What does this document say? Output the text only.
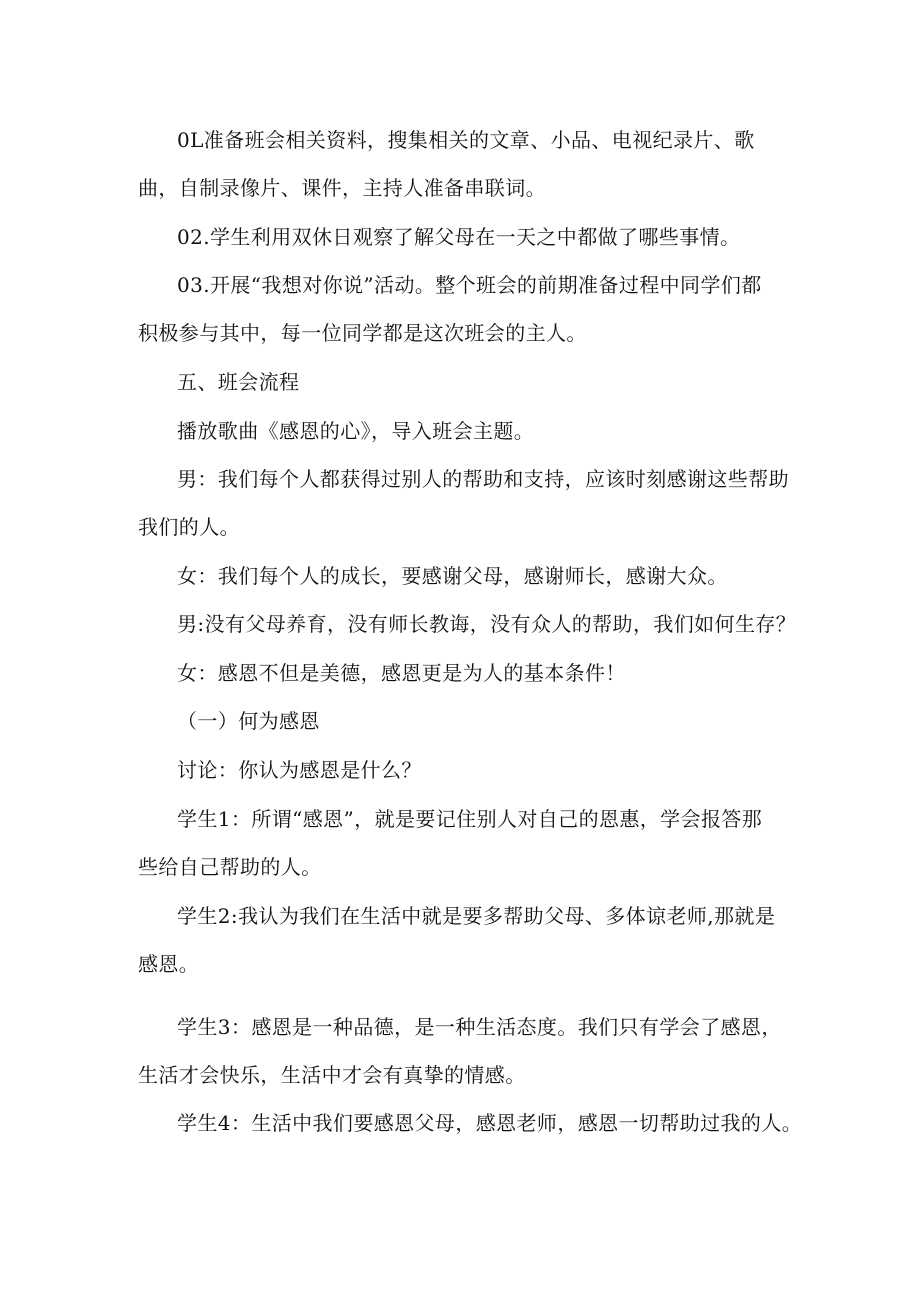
0L准备班会相关资料，搜集相关的文章、小品、电视纪录片、歌
曲，自制录像片、课件，主持人准备串联词。
02.学生利用双休日观察了解父母在一天之中都做了哪些事情。
03.开展“我想对你说”活动。整个班会的前期准备过程中同学们都
积极参与其中，每一位同学都是这次班会的主人。
五、班会流程
播放歌曲《感恩的心》，导入班会主题。
男：我们每个人都获得过别人的帮助和支持，应该时刻感谢这些帮助
我们的人。
女：我们每个人的成长，要感谢父母，感谢师长，感谢大众。
男:没有父母养育，没有师长教诲，没有众人的帮助，我们如何生存？
女：感恩不但是美德，感恩更是为人的基本条件！
（一）何为感恩
讨论：你认为感恩是什么？
学生1：所谓“感恩”，就是要记住别人对自己的恩惠，学会报答那
些给自己帮助的人。
学生2:我认为我们在生活中就是要多帮助父母、多体谅老师,那就是
感恩。
学生3：感恩是一种品德，是一种生活态度。我们只有学会了感恩，
生活才会快乐，生活中才会有真挚的情感。
学生4：生活中我们要感恩父母，感恩老师，感恩一切帮助过我的人。
